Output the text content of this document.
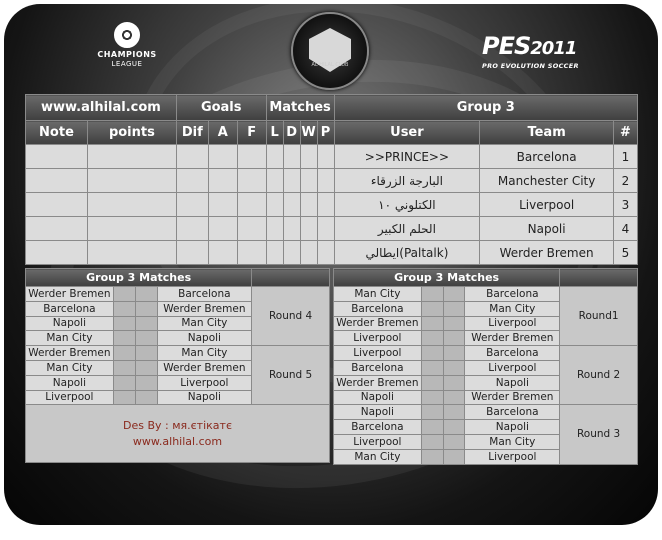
CHAMPIONS
LEAGUE	AL-HILAL CLUB
PES2011
PRO EVOLUTION SOCCER
www.alhilal.com		Goals			Matches				Group 3		
Note	points	Dif	A	F	L	D	W	P	User	Team	#
									>>PRINCE>>	Barcelona	1
									البارجة الزرقاء	Manchester City	2
									الكتلوني ١٠	Liverpool	3
									الحلم الكبير	Napoli	4
									ايطالي(Paltalk)	Werder Bremen	5
Group 3 Matches				
Werder Bremen			Barcelona	Round 4
Barcelona			Werder Bremen	
Napoli			Man City	
Man City			Napoli	
Werder Bremen			Man City	Round 5
Man City			Werder Bremen	
Napoli			Liverpool	
Liverpool			Napoli	

Des By : мя.єтікатє
www.alhilal.com				
Group 3 Matches				
Man City			Barcelona	Round1
Barcelona			Man City	
Werder Bremen			Liverpool	
Liverpool			Werder Bremen	
Liverpool			Barcelona	Round 2
Barcelona			Liverpool	
Werder Bremen			Napoli	
Napoli			Werder Bremen	
Napoli			Barcelona	Round 3
Barcelona			Napoli	
Liverpool			Man City	
Man City			Liverpool	
